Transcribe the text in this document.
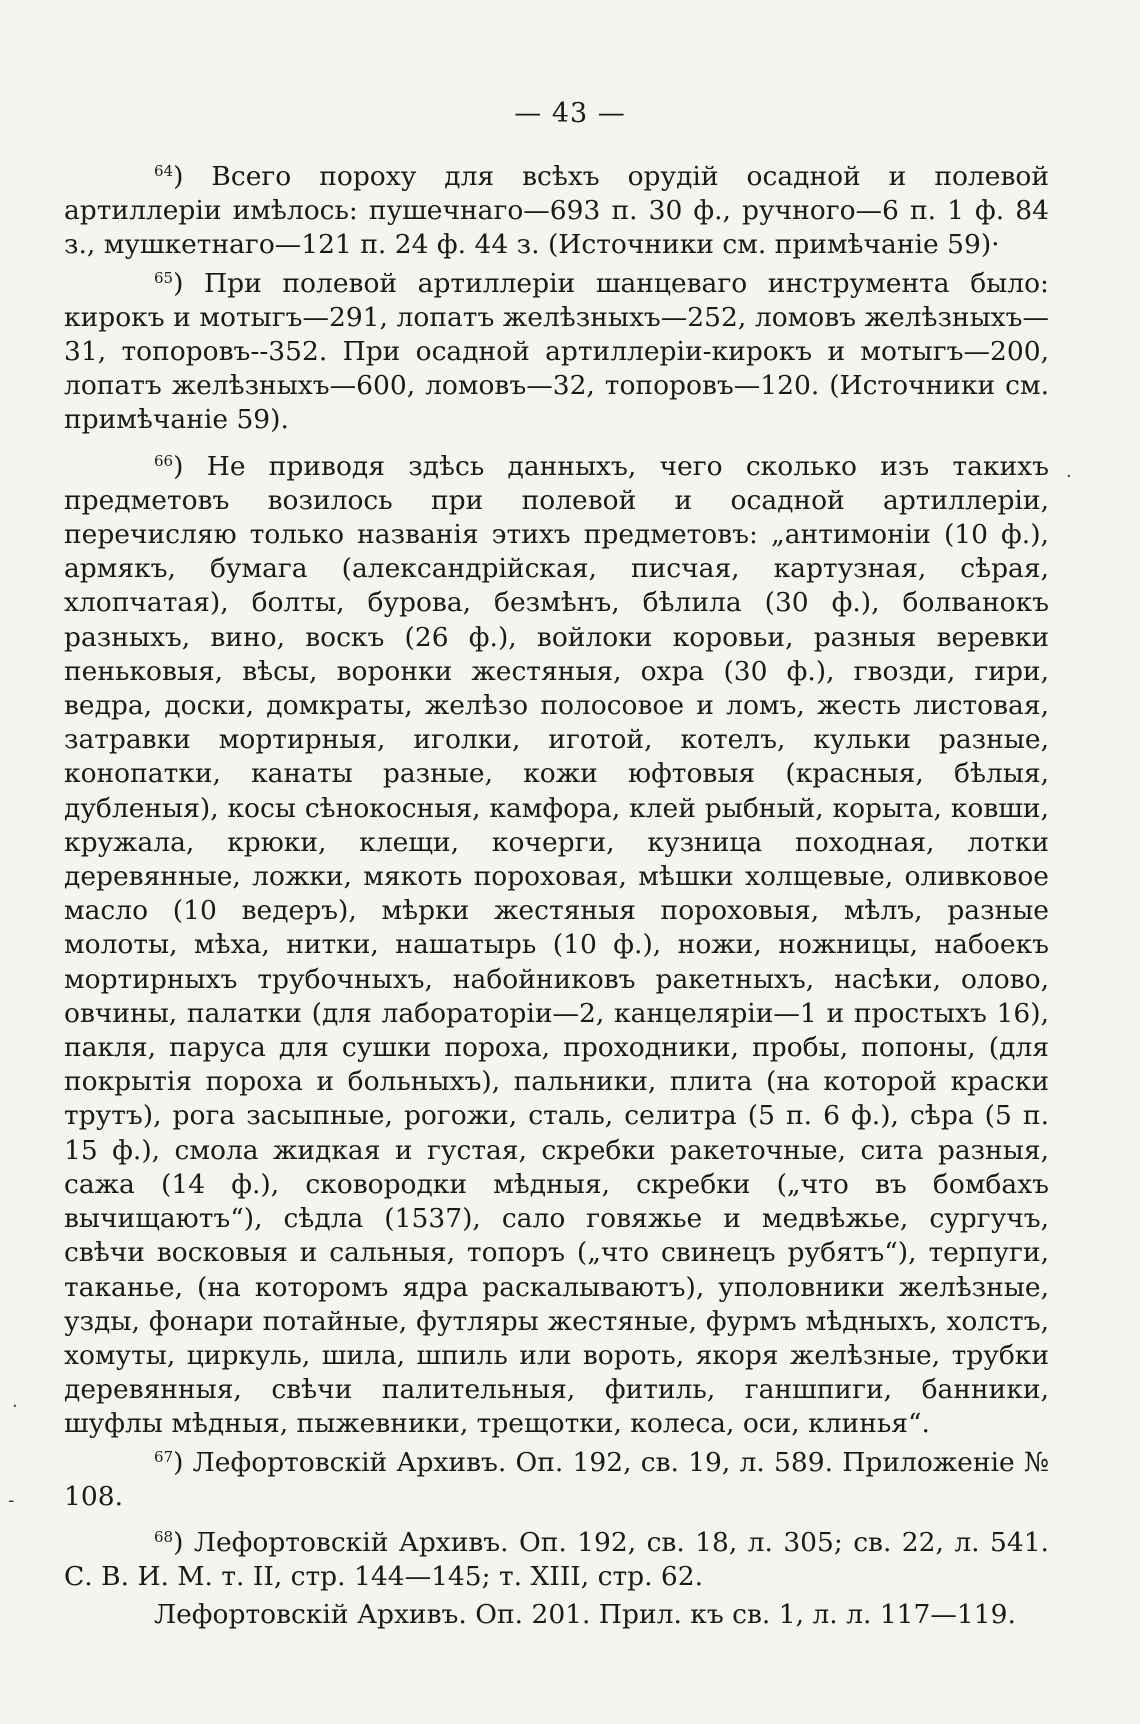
— 43 —

$^{64}$) Всего пороху для всѣхъ орудій осадной и полевой артиллеріи имѣлось: пушечнаго—693 п. 30 ф., ручного—6 п. 1 ф. 84 з., мушкетнаго—121 п. 24 ф. 44 з. (Источники см. примѣчаніе 59)·

$^{65}$) При полевой артиллеріи шанцеваго инструмента было: кирокъ и мотыгъ—291, лопатъ желѣзныхъ—252, ломовъ желѣзныхъ—31, топоровъ--352. При осадной артиллеріи-кирокъ и мотыгъ—200, лопатъ желѣзныхъ—600, ломовъ—32, топоровъ—120. (Источники см. примѣчаніе 59).

$^{66}$) Не приводя здѣсь данныхъ, чего сколько изъ такихъ предметовъ возилось при полевой и осадной артиллеріи, перечисляю только названія этихъ предметовъ: „антимоніи (10 ф.), армякъ, бумага (александрійская, писчая, картузная, сѣрая, хлопчатая), болты, бурова, безмѣнъ, бѣлила (30 ф.), болванокъ разныхъ, вино, воскъ (26 ф.), войлоки коровьи, разныя веревки пеньковыя, вѣсы, воронки жестяныя, охра (30 ф.), гвозди, гири, ведра, доски, домкраты, желѣзо полосовое и ломъ, жесть листовая, затравки мортирныя, иголки, иготой, котелъ, кульки разные, конопатки, канаты разные, кожи юфтовыя (красныя, бѣлыя, дубленыя), косы сѣнокосныя, камфора, клей рыбный, корыта, ковши, кружала, крюки, клещи, кочерги, кузница походная, лотки деревянные, ложки, мякоть пороховая, мѣшки холщевые, оливковое масло (10 ведеръ), мѣрки жестяныя пороховыя, мѣлъ, разные молоты, мѣха, нитки, нашатырь (10 ф.), ножи, ножницы, набоекъ мортирныхъ трубочныхъ, набойниковъ ракетныхъ, насѣки, олово, овчины, палатки (для лабораторіи—2, канцеляріи—1 и простыхъ 16), пакля, паруса для сушки пороха, проходники, пробы, попоны, (для покрытія пороха и больныхъ), пальники, плита (на которой краски трутъ), рога засыпные, рогожи, сталь, селитра (5 п. 6 ф.), сѣра (5 п. 15 ф.), смола жидкая и густая, скребки ракеточные, сита разныя, сажа (14 ф.), сковородки мѣдныя, скребки („что въ бомбахъ вычищаютъ“), сѣдла (1537), сало говяжье и медвѣжье, сургучъ, свѣчи восковыя и сальныя, топоръ („что свинецъ рубятъ“), терпуги, таканье, (на которомъ ядра раскалываютъ), уполовники желѣзные, узды, фонари потайные, футляры жестяные, фурмъ мѣдныхъ, холстъ, хомуты, циркуль, шила, шпиль или вороть, якоря желѣзные, трубки деревянныя, свѣчи палительныя, фитиль, ганшпиги, банники, шуфлы мѣдныя, пыжевники, трещотки, колеса, оси, клинья“.

$^{67}$) Лефортовскій Архивъ. Оп. 192, св. 19, л. 589. Приложеніе № 108.

$^{68}$) Лефортовскій Архивъ. Оп. 192, св. 18, л. 305; св. 22, л. 541. С. В. И. М. т. II, стр. 144—145; т. XIII, стр. 62.

Лефортовскій Архивъ. Оп. 201. Прил. къ св. 1, л. л. 117—119.

·
·
-
